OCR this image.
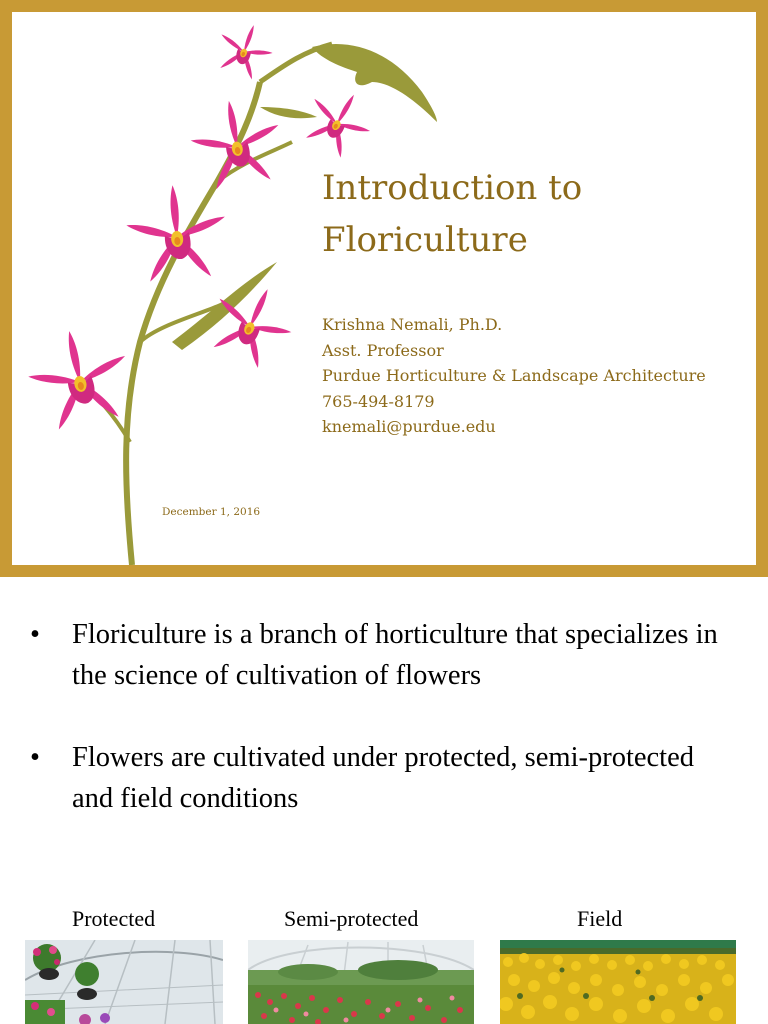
Introduction to
Floriculture
Krishna Nemali, Ph.D.
Asst. Professor
Purdue Horticulture & Landscape Architecture
765-494-8179
knemali@purdue.edu
December 1, 2016
• Floriculture is a branch of horticulture that specializes in the science of cultivation of flowers
• Flowers are cultivated under protected, semi-protected and field conditions
Protected	Semi-protected	Field
